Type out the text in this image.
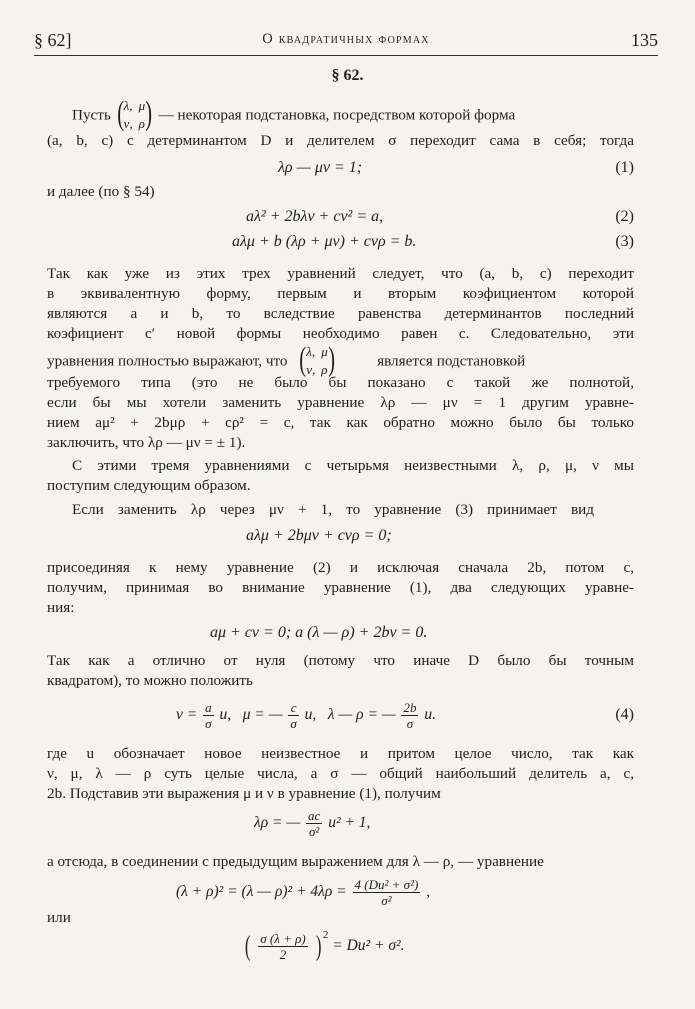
§ 62]	О квадратичных формах	135
§ 62.
Пусть ( λ, μ
ν, ρ ) — некоторая подстановка, посредством которой форма
(a, b, c) с детерминантом D и делителем σ переходит сама в себя; тогда
λρ — μν = 1;	(1)
и далее (по § 54)
aλ² + 2bλν + cν² = a,	(2)
aλμ + b (λρ + μν) + cνρ = b.	(3)
Так как уже из этих трех уравнений следует, что (a, b, c) переходит
в эквивалентную форму, первым и вторым коэфициентом которой
являются a и b, то вследствие равенства детерминантов последний
коэфициент c′ новой формы необходимо равен c. Следовательно, эти
уравнения полностью выражают, что ( λ, μ
ν, ρ )	является подстановкой
требуемого типа (это не было бы показано с такой же полнотой,
если бы мы хотели заменить уравнение λρ — μν = 1 другим уравне-
нием aμ² + 2bμρ + cρ² = c, так как обратно можно было бы только
заключить, что λρ — μν = ± 1).
С этими тремя уравнениями с четырьмя неизвестными λ, ρ, μ, ν мы
поступим следующим образом.
Если заменить λρ через μν + 1, то уравнение (3) принимает вид
aλμ + 2bμν + cνρ = 0;
присоединяя к нему уравнение (2) и исключая сначала 2b, потом c,
получим, принимая во внимание уравнение (1), два следующих уравне-
ния:
aμ + cν = 0; a (λ — ρ) + 2bν = 0.
Так как a отлично от нуля (потому что иначе D было бы точным
квадратом), то можно положить
$\nu = \frac{a}{\sigma} u$, μ = — $\frac{c}{\sigma} u$, λ — ρ = — $\frac{2b}{\sigma} u$.	(4)
где u обозначает новое неизвестное и притом целое число, так как
ν, μ, λ — ρ суть целые числа, a σ — общий наибольший делитель a, c,
2b. Подставив эти выражения μ и ν в уравнение (1), получим
λρ = — $\frac{ac}{\text{σ²}} u^2 + 1$,
а отсюда, в соединении с предыдущим выражением для λ — ρ, — уравнение
(λ + ρ)² = (λ — $\rho)^2 + 4\lambda\rho = \frac{\text{4 (Du² + σ²)}}{\text{σ²}}$ ,
или
( $\frac{\sigma (\lambda + \rho)}{2}$ ) $^2$ = Du² + σ².
